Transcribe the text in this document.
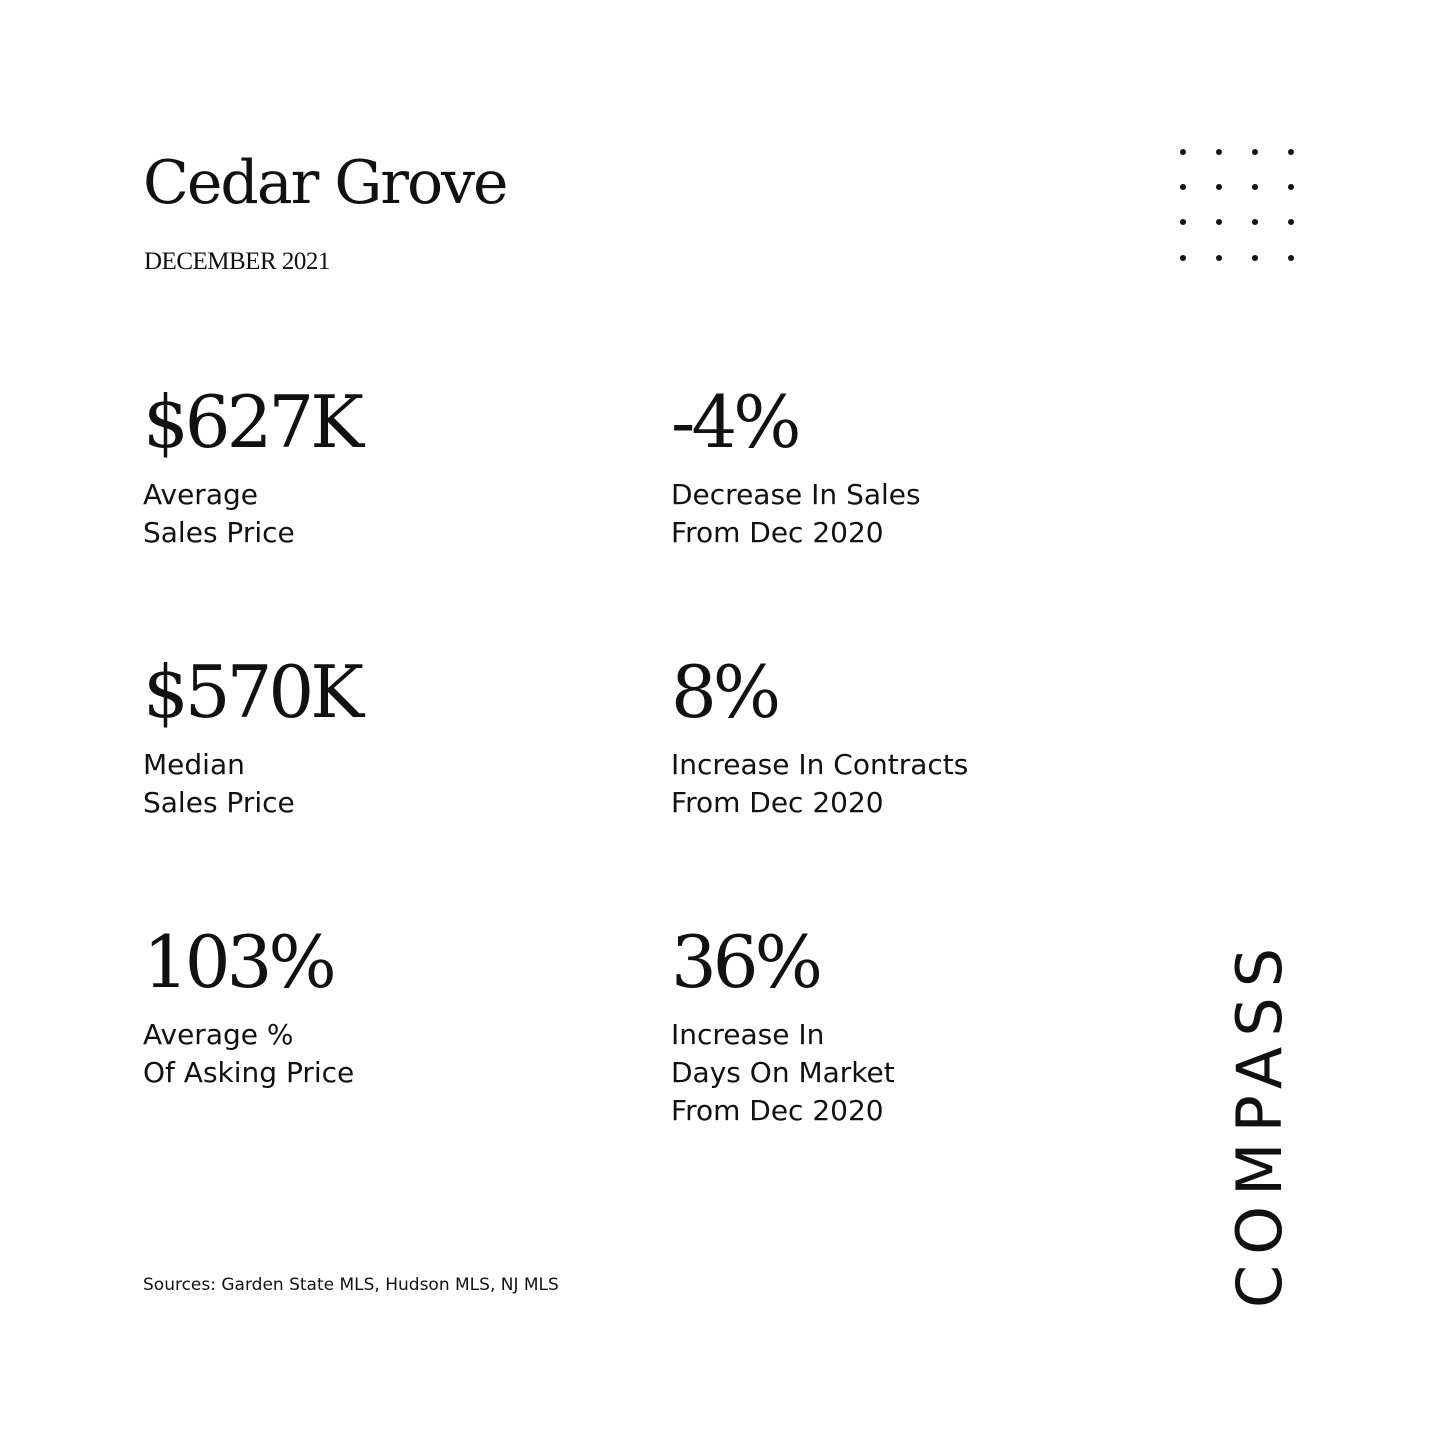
Cedar Grove
DECEMBER 2021
$627K
Average
Sales Price
-4%
Decrease In Sales
From Dec 2020
$570K
Median
Sales Price
8%
Increase In Contracts
From Dec 2020
103%
Average %
Of Asking Price
36%
Increase In
Days On Market
From Dec 2020
Sources: Garden State MLS, Hudson MLS, NJ MLS	COMPASS
